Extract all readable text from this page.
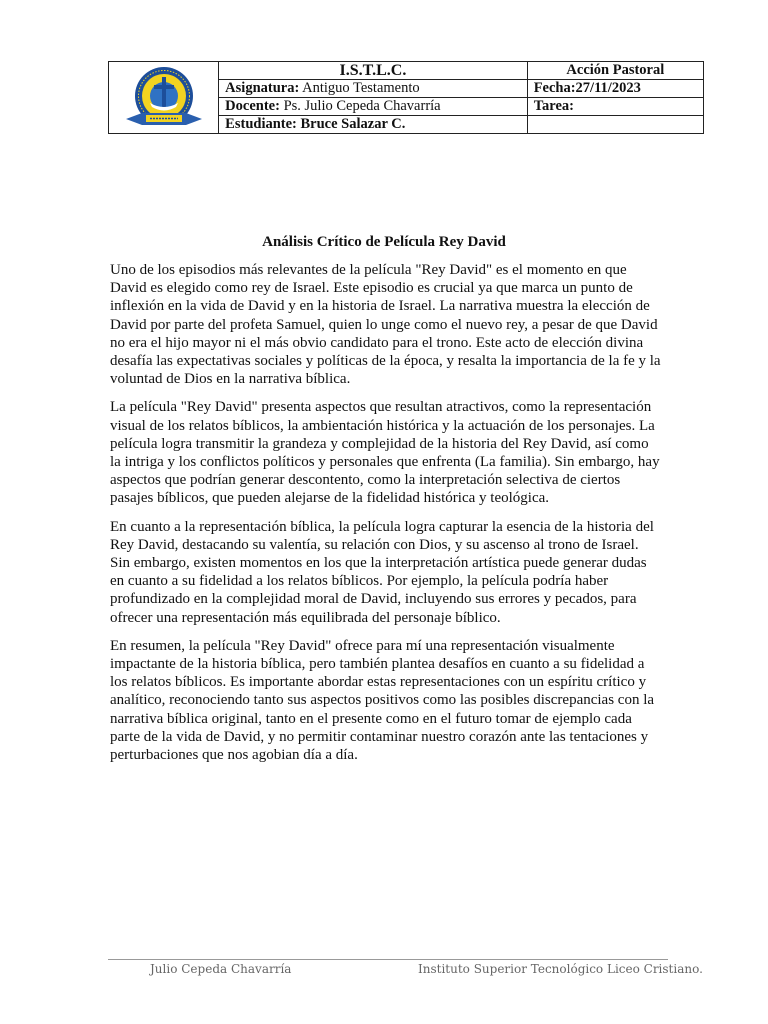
	I.S.T.L.C.	Acción Pastoral
	Asignatura: Antiguo Testamento	Fecha:27/11/2023
	Docente: Ps. Julio Cepeda Chavarría	Tarea:
	Estudiante: Bruce Salazar C.	
Análisis Crítico de Película Rey David

Uno de los episodios más relevantes de la película "Rey David" es el momento en que David es elegido como rey de Israel. Este episodio es crucial ya que marca un punto de inflexión en la vida de David y en la historia de Israel. La narrativa muestra la elección de David por parte del profeta Samuel, quien lo unge como el nuevo rey, a pesar de que David no era el hijo mayor ni el más obvio candidato para el trono. Este acto de elección divina desafía las expectativas sociales y políticas de la época, y resalta la importancia de la fe y la voluntad de Dios en la narrativa bíblica.

La película "Rey David" presenta aspectos que resultan atractivos, como la representación visual de los relatos bíblicos, la ambientación histórica y la actuación de los personajes. La película logra transmitir la grandeza y complejidad de la historia del Rey David, así como la intriga y los conflictos políticos y personales que enfrenta (La familia). Sin embargo, hay aspectos que podrían generar descontento, como la interpretación selectiva de ciertos pasajes bíblicos, que pueden alejarse de la fidelidad histórica y teológica.

En cuanto a la representación bíblica, la película logra capturar la esencia de la historia del Rey David, destacando su valentía, su relación con Dios, y su ascenso al trono de Israel. Sin embargo, existen momentos en los que la interpretación artística puede generar dudas en cuanto a su fidelidad a los relatos bíblicos. Por ejemplo, la película podría haber profundizado en la complejidad moral de David, incluyendo sus errores y pecados, para ofrecer una representación más equilibrada del personaje bíblico.

En resumen, la película "Rey David" ofrece para mí una representación visualmente impactante de la historia bíblica, pero también plantea desafíos en cuanto a su fidelidad a los relatos bíblicos. Es importante abordar estas representaciones con un espíritu crítico y analítico, reconociendo tanto sus aspectos positivos como las posibles discrepancias con la narrativa bíblica original, tanto en el presente como en el futuro tomar de ejemplo cada parte de la vida de David, y no permitir contaminar nuestro corazón ante las tentaciones y perturbaciones que nos agobian día a día.

Julio Cepeda Chavarría	Instituto Superior Tecnológico Liceo Cristiano.
